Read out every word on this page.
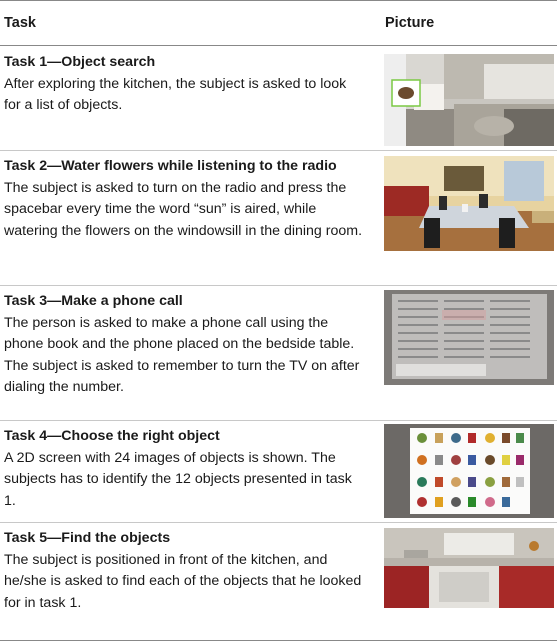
Task	Picture
Task 1—Object search
After exploring the kitchen, the subject is asked to look for a list of objects.
Task 2—Water flowers while listening to the radio
The subject is asked to turn on the radio and press the spacebar every time the word “sun” is aired, while watering the flowers on the windowsill in the dining room.
Task 3—Make a phone call
The person is asked to make a phone call using the phone book and the phone placed on the bedside table. The subject is asked to remember to turn the TV on after dialing the number.
Task 4—Choose the right object
A 2D screen with 24 images of objects is shown. The subjects has to identify the 12 objects presented in task 1.
Task 5—Find the objects
The subject is positioned in front of the kitchen, and he/she is asked to find each of the objects that he looked for in task 1.
